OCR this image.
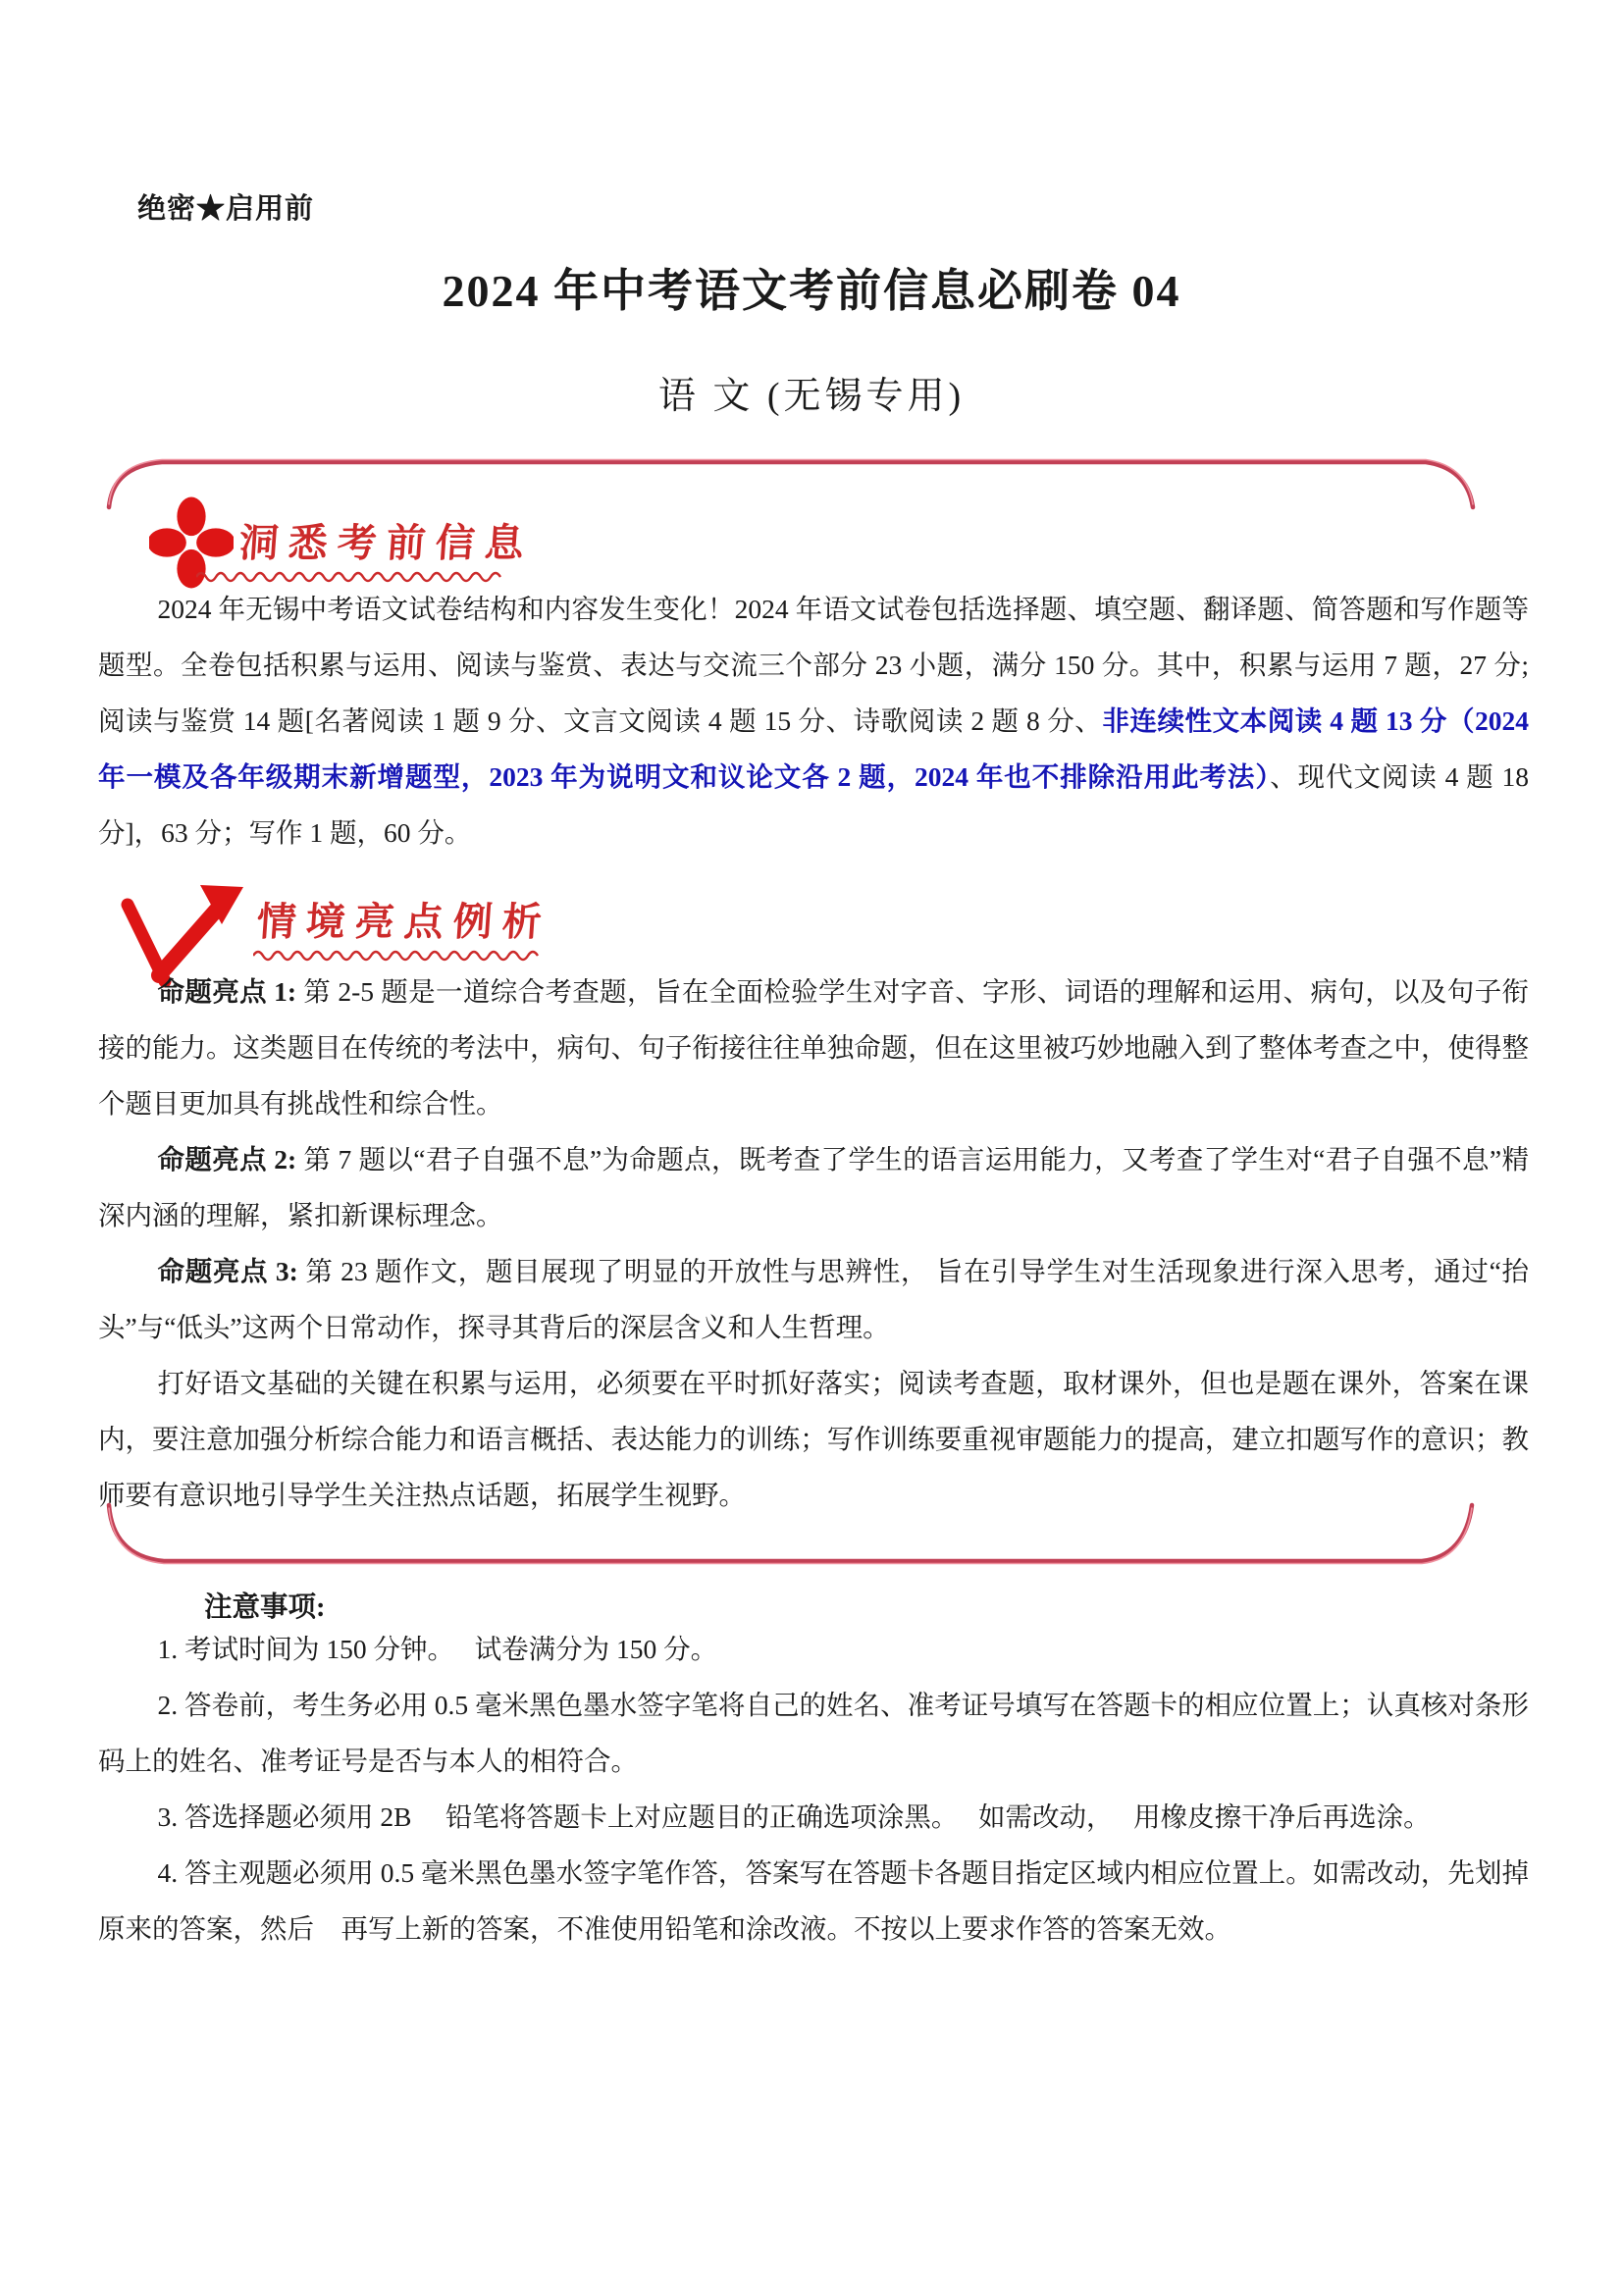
绝密★启用前
2024 年中考语文考前信息必刷卷 04
语 文 (无锡专用)
洞悉考前信息

2024 年无锡中考语文试卷结构和内容发生变化！2024 年语文试卷包括选择题、填空题、翻译题、简答题和写作题等题型。全卷包括积累与运用、阅读与鉴赏、表达与交流三个部分 23 小题，满分 150 分。其中，积累与运用 7 题，27 分; 阅读与鉴赏 14 题[名著阅读 1 题 9 分、文言文阅读 4 题 15 分、诗歌阅读 2 题 8 分、非连续性文本阅读 4 题 13 分（2024 年一模及各年级期末新增题型，2023 年为说明文和议论文各 2 题，2024 年也不排除沿用此考法）、现代文阅读 4 题 18 分]，63 分；写作 1 题，60 分。

情境亮点例析

命题亮点 1: 第 2-5 题是一道综合考查题，旨在全面检验学生对字音、字形、词语的理解和运用、病句，以及句子衔接的能力。这类题目在传统的考法中，病句、句子衔接往往单独命题，但在这里被巧妙地融入到了整体考查之中，使得整个题目更加具有挑战性和综合性。

命题亮点 2: 第 7 题以“君子自强不息”为命题点，既考查了学生的语言运用能力，又考查了学生对“君子自强不息”精深内涵的理解，紧扣新课标理念。

命题亮点 3: 第 23 题作文，题目展现了明显的开放性与思辨性， 旨在引导学生对生活现象进行深入思考，通过“抬头”与“低头”这两个日常动作，探寻其背后的深层含义和人生哲理。

打好语文基础的关键在积累与运用，必须要在平时抓好落实；阅读考查题，取材课外，但也是题在课外，答案在课内，要注意加强分析综合能力和语言概括、表达能力的训练；写作训练要重视审题能力的提高，建立扣题写作的意识；教师要有意识地引导学生关注热点话题，拓展学生视野。

注意事项:

1. 考试时间为 150 分钟。　 试卷满分为 150 分。

2. 答卷前，考生务必用 0.5 毫米黑色墨水签字笔将自己的姓名、准考证号填写在答题卡的相应位置上；认真核对条形码上的姓名、准考证号是否与本人的相符合。

3. 答选择题必须用 2B 　铅笔将答题卡上对应题目的正确选项涂黑。　 如需改动，　 用橡皮擦干净后再选涂。

4. 答主观题必须用 0.5 毫米黑色墨水签字笔作答，答案写在答题卡各题目指定区域内相应位置上。如需改动，先划掉原来的答案，然后　再写上新的答案，不准使用铅笔和涂改液。不按以上要求作答的答案无效。
